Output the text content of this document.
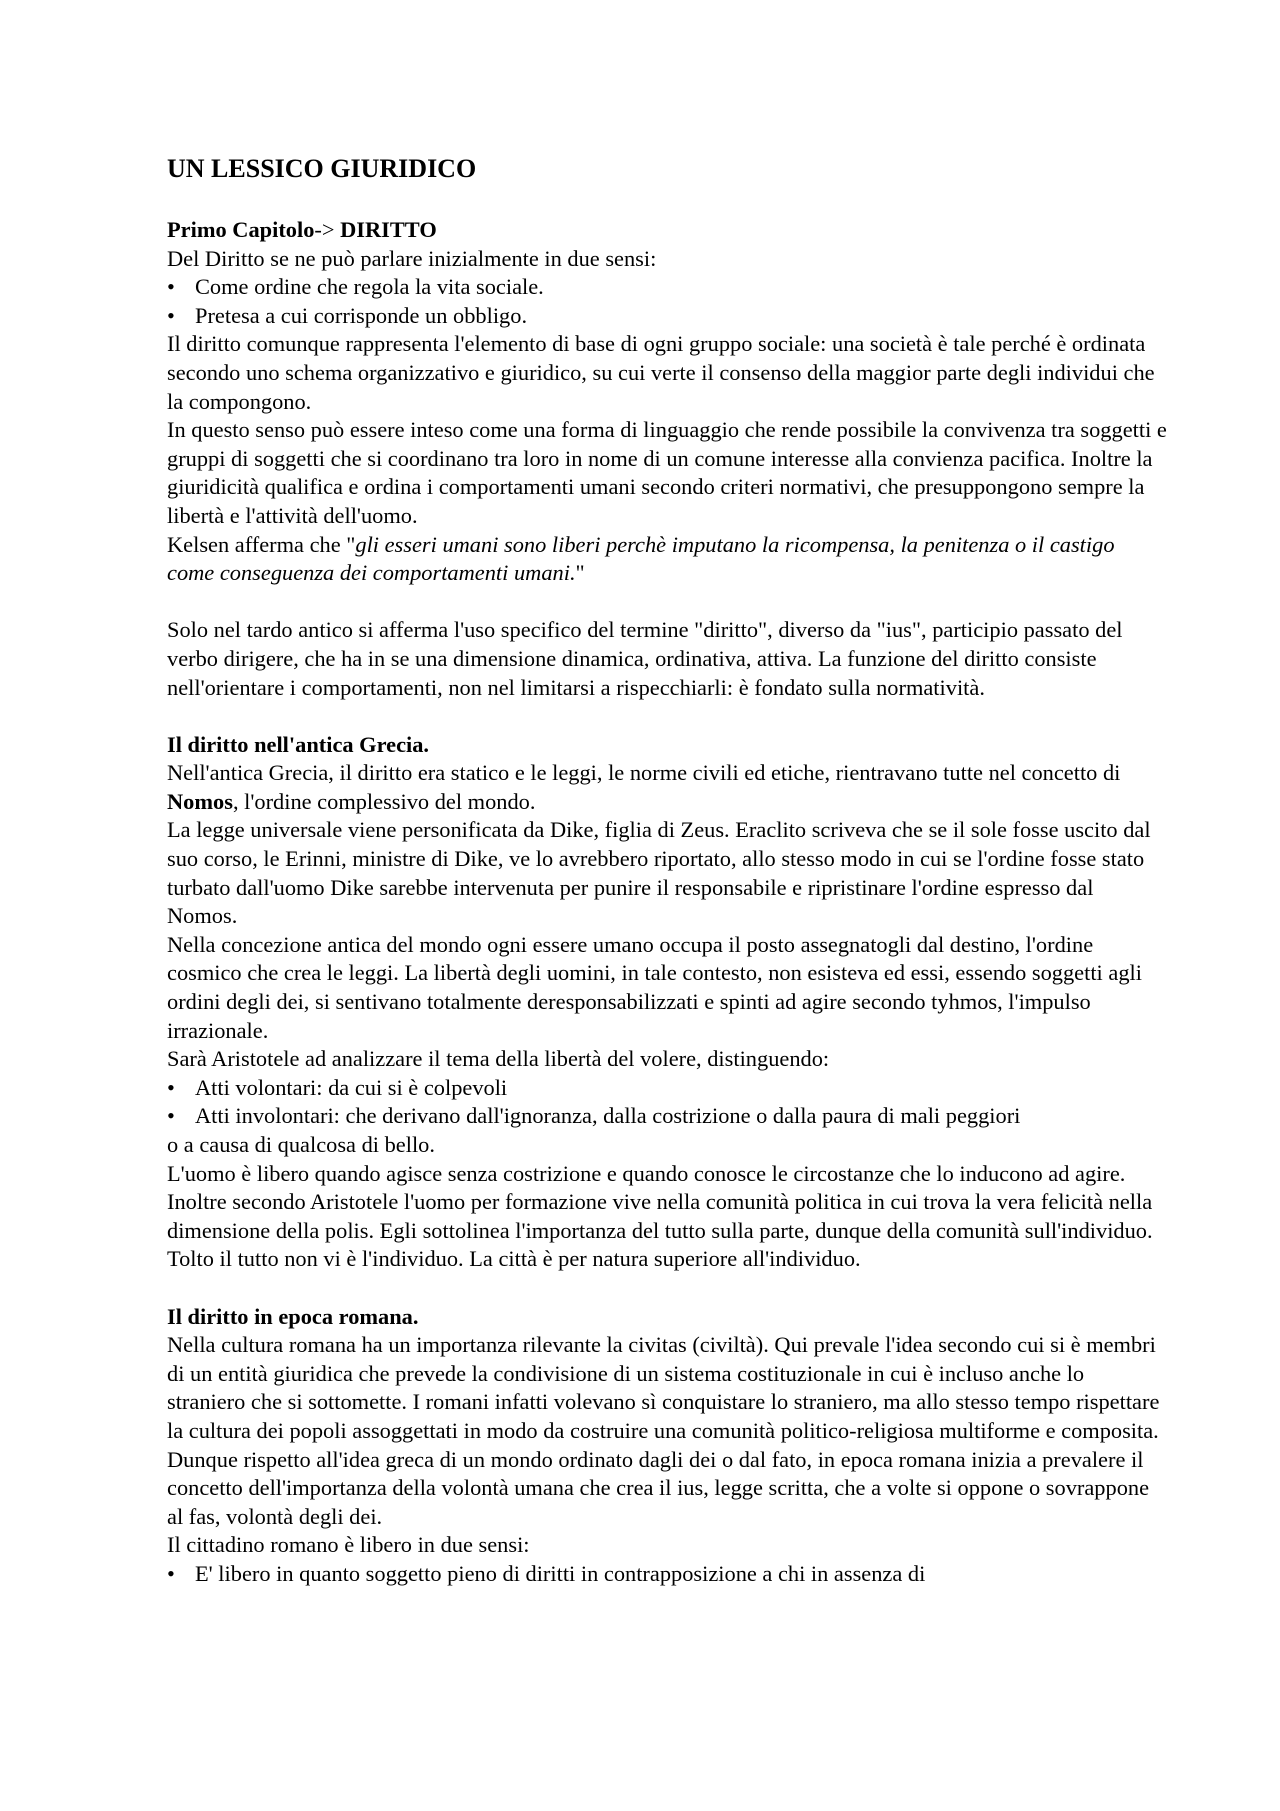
UN LESSICO GIURIDICO

Primo Capitolo-> DIRITTO

Del Diritto se ne può parlare inizialmente in due sensi:

• Come ordine che regola la vita sociale.
• Pretesa a cui corrisponde un obbligo.

Il diritto comunque rappresenta l'elemento di base di ogni gruppo sociale: una società è tale perché è ordinata secondo uno schema organizzativo e giuridico, su cui verte il consenso della maggior parte degli individui che la compongono.

In questo senso può essere inteso come una forma di linguaggio che rende possibile la convivenza tra soggetti e gruppi di soggetti che si coordinano tra loro in nome di un comune interesse alla convienza pacifica. Inoltre la giuridicità qualifica e ordina i comportamenti umani secondo criteri normativi, che presuppongono sempre la libertà e l'attività dell'uomo.

Kelsen afferma che "gli esseri umani sono liberi perchè imputano la ricompensa, la penitenza o il castigo come conseguenza dei comportamenti umani."

Solo nel tardo antico si afferma l'uso specifico del termine "diritto", diverso da "ius", participio passato del verbo dirigere, che ha in se una dimensione dinamica, ordinativa, attiva. La funzione del diritto consiste nell'orientare i comportamenti, non nel limitarsi a rispecchiarli: è fondato sulla normatività.

Il diritto nell'antica Grecia.

Nell'antica Grecia, il diritto era statico e le leggi, le norme civili ed etiche, rientravano tutte nel concetto di Nomos, l'ordine complessivo del mondo.

La legge universale viene personificata da Dike, figlia di Zeus. Eraclito scriveva che se il sole fosse uscito dal suo corso, le Erinni, ministre di Dike, ve lo avrebbero riportato, allo stesso modo in cui se l'ordine fosse stato turbato dall'uomo Dike sarebbe intervenuta per punire il responsabile e ripristinare l'ordine espresso dal Nomos.

Nella concezione antica del mondo ogni essere umano occupa il posto assegnatogli dal destino, l'ordine cosmico che crea le leggi. La libertà degli uomini, in tale contesto, non esisteva ed essi, essendo soggetti agli ordini degli dei, si sentivano totalmente deresponsabilizzati e spinti ad agire secondo tyhmos, l'impulso irrazionale.

Sarà Aristotele ad analizzare il tema della libertà del volere, distinguendo:

• Atti volontari: da cui si è colpevoli
• Atti involontari: che derivano dall'ignoranza, dalla costrizione o dalla paura di mali peggiori

o a causa di qualcosa di bello.

L'uomo è libero quando agisce senza costrizione e quando conosce le circostanze che lo inducono ad agire. Inoltre secondo Aristotele l'uomo per formazione vive nella comunità politica in cui trova la vera felicità nella dimensione della polis. Egli sottolinea l'importanza del tutto sulla parte, dunque della comunità sull'individuo. Tolto il tutto non vi è l'individuo. La città è per natura superiore all'individuo.

Il diritto in epoca romana.

Nella cultura romana ha un importanza rilevante la civitas (civiltà). Qui prevale l'idea secondo cui si è membri di un entità giuridica che prevede la condivisione di un sistema costituzionale in cui è incluso anche lo straniero che si sottomette. I romani infatti volevano sì conquistare lo straniero, ma allo stesso tempo rispettare la cultura dei popoli assoggettati in modo da costruire una comunità politico-religiosa multiforme e composita.

Dunque rispetto all'idea greca di un mondo ordinato dagli dei o dal fato, in epoca romana inizia a prevalere il concetto dell'importanza della volontà umana che crea il ius, legge scritta, che a volte si oppone o sovrappone al fas, volontà degli dei.

Il cittadino romano è libero in due sensi:

• E' libero in quanto soggetto pieno di diritti in contrapposizione a chi in assenza di
